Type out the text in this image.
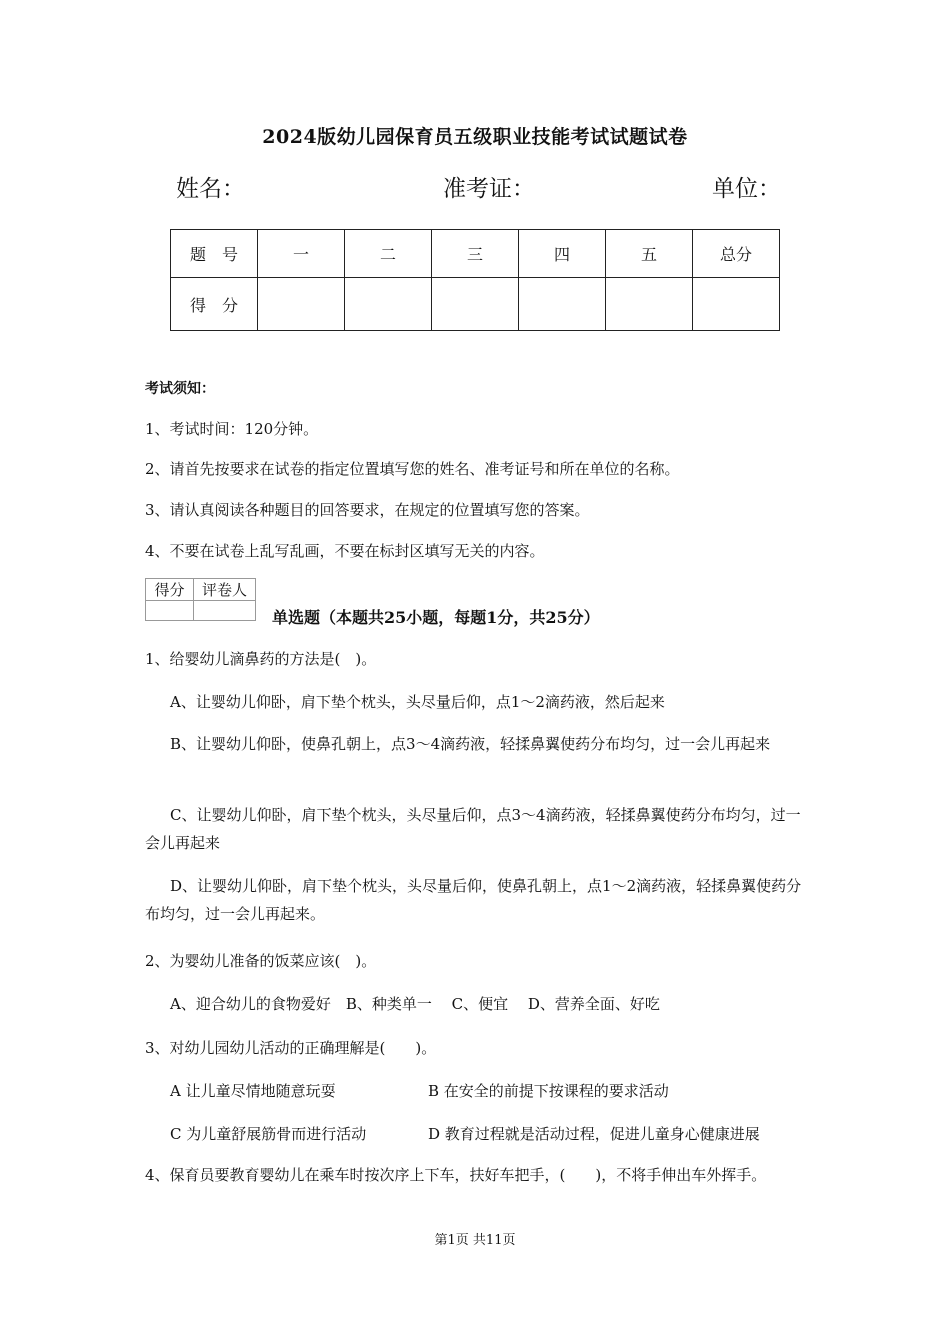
2024版幼儿园保育员五级职业技能考试试题试卷
姓名：	准考证：	单位：
题　号	一	二	三	四	五	总分
得　分						
考试须知：
1、考试时间：120分钟。
2、请首先按要求在试卷的指定位置填写您的姓名、准考证号和所在单位的名称。
3、请认真阅读各种题目的回答要求，在规定的位置填写您的答案。
4、不要在试卷上乱写乱画，不要在标封区填写无关的内容。
得分	评卷人

单选题（本题共25小题，每题1分，共25分）
1、给婴幼儿滴鼻药的方法是(　)。
A、让婴幼儿仰卧，肩下垫个枕头，头尽量后仰，点1～2滴药液，然后起来
B、让婴幼儿仰卧，使鼻孔朝上，点3～4滴药液，轻揉鼻翼使药分布均匀，过一会儿再起来
C、让婴幼儿仰卧，肩下垫个枕头，头尽量后仰，点3～4滴药液，轻揉鼻翼使药分布均匀，过一会儿再起来
D、让婴幼儿仰卧，肩下垫个枕头，头尽量后仰，使鼻孔朝上，点1～2滴药液，轻揉鼻翼使药分布均匀，过一会儿再起来。
2、为婴幼儿准备的饭菜应该(　)。
A、迎合幼儿的食物爱好　B、种类单一　 C、便宜　 D、营养全面、好吃
3、对幼儿园幼儿活动的正确理解是(　　)。
A 让儿童尽情地随意玩耍	B 在安全的前提下按课程的要求活动
C 为儿童舒展筋骨而进行活动	D 教育过程就是活动过程，促进儿童身心健康进展
4、保育员要教育婴幼儿在乘车时按次序上下车，扶好车把手，(　　)，不将手伸出车外挥手。
第1页 共11页
